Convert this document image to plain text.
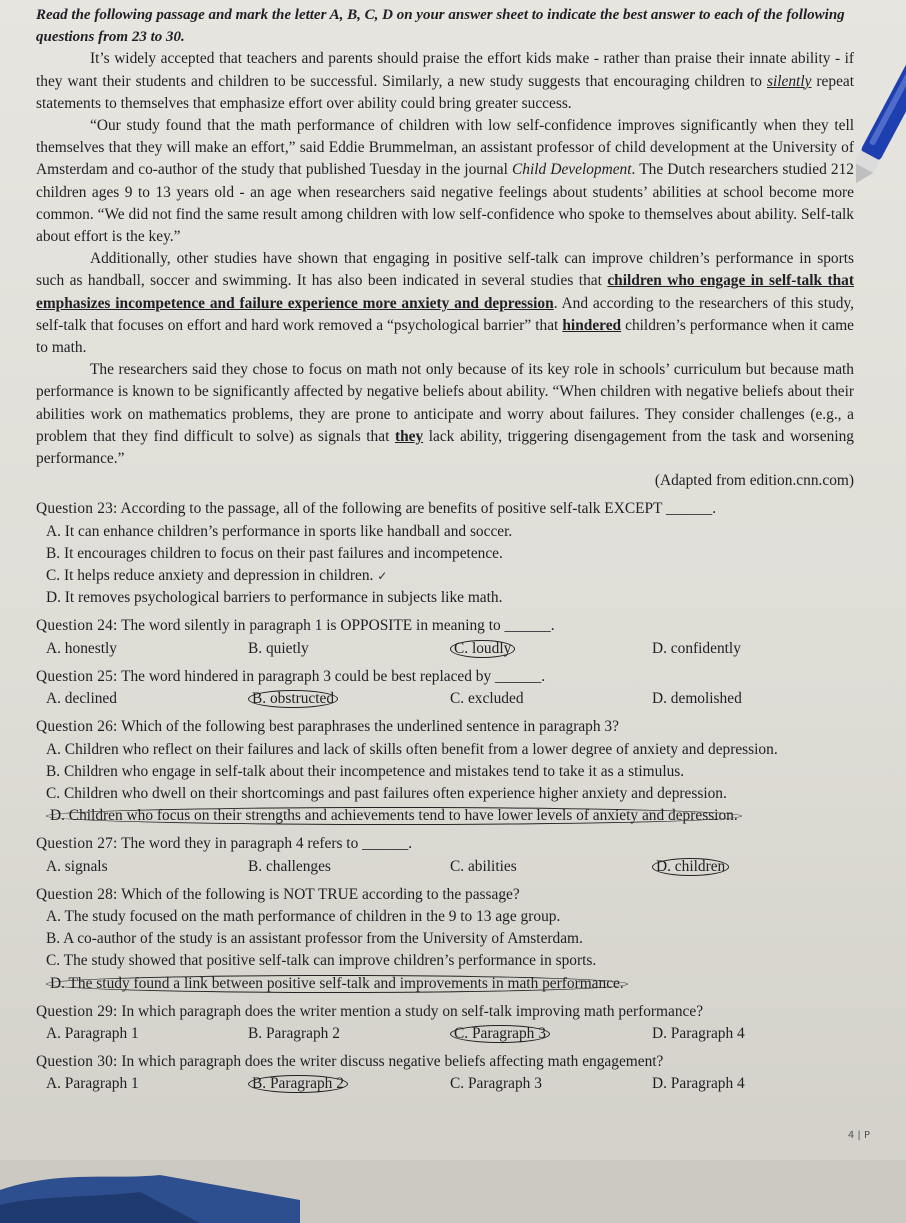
Read the following passage and mark the letter A, B, C, D on your answer sheet to indicate the best answer to each of the following questions from 23 to 30.

It’s widely accepted that teachers and parents should praise the effort kids make - rather than praise their innate ability - if they want their students and children to be successful. Similarly, a new study suggests that encouraging children to silently repeat statements to themselves that emphasize effort over ability could bring greater success.

“Our study found that the math performance of children with low self-confidence improves significantly when they tell themselves that they will make an effort,” said Eddie Brummelman, an assistant professor of child development at the University of Amsterdam and co-author of the study that published Tuesday in the journal Child Development. The Dutch researchers studied 212 children ages 9 to 13 years old - an age when researchers said negative feelings about students’ abilities at school become more common. “We did not find the same result among children with low self-confidence who spoke to themselves about ability. Self-talk about effort is the key.”

Additionally, other studies have shown that engaging in positive self-talk can improve children’s performance in sports such as handball, soccer and swimming. It has also been indicated in several studies that children who engage in self-talk that emphasizes incompetence and failure experience more anxiety and depression. And according to the researchers of this study, self-talk that focuses on effort and hard work removed a “psychological barrier” that hindered children’s performance when it came to math.

The researchers said they chose to focus on math not only because of its key role in schools’ curriculum but because math performance is known to be significantly affected by negative beliefs about ability. “When children with negative beliefs about their abilities work on mathematics problems, they are prone to anticipate and worry about failures. They consider challenges (e.g., a problem that they find difficult to solve) as signals that they lack ability, triggering disengagement from the task and worsening performance.”

(Adapted from edition.cnn.com)

Question 23: According to the passage, all of the following are benefits of positive self-talk EXCEPT ______.

A. It can enhance children’s performance in sports like handball and soccer.

B. It encourages children to focus on their past failures and incompetence.

C. It helps reduce anxiety and depression in children. ✓

D. It removes psychological barriers to performance in subjects like math.

Question 24: The word silently in paragraph 1 is OPPOSITE in meaning to ______.

A. honestly	B. quietly	C. loudly	D. confidently

Question 25: The word hindered in paragraph 3 could be best replaced by ______.

A. declined	B. obstructed	C. excluded	D. demolished

Question 26: Which of the following best paraphrases the underlined sentence in paragraph 3?

A. Children who reflect on their failures and lack of skills often benefit from a lower degree of anxiety and depression.

B. Children who engage in self-talk about their incompetence and mistakes tend to take it as a stimulus.

C. Children who dwell on their shortcomings and past failures often experience higher anxiety and depression.

D. Children who focus on their strengths and achievements tend to have lower levels of anxiety and depression.

Question 27: The word they in paragraph 4 refers to ______.

A. signals	B. challenges	C. abilities	D. children

Question 28: Which of the following is NOT TRUE according to the passage?

A. The study focused on the math performance of children in the 9 to 13 age group.

B. A co-author of the study is an assistant professor from the University of Amsterdam.

C. The study showed that positive self-talk can improve children’s performance in sports.

D. The study found a link between positive self-talk and improvements in math performance.

Question 29: In which paragraph does the writer mention a study on self-talk improving math performance?

A. Paragraph 1	B. Paragraph 2	C. Paragraph 3	D. Paragraph 4

Question 30: In which paragraph does the writer discuss negative beliefs affecting math engagement?

A. Paragraph 1	B. Paragraph 2	C. Paragraph 3	D. Paragraph 4
4 | P
